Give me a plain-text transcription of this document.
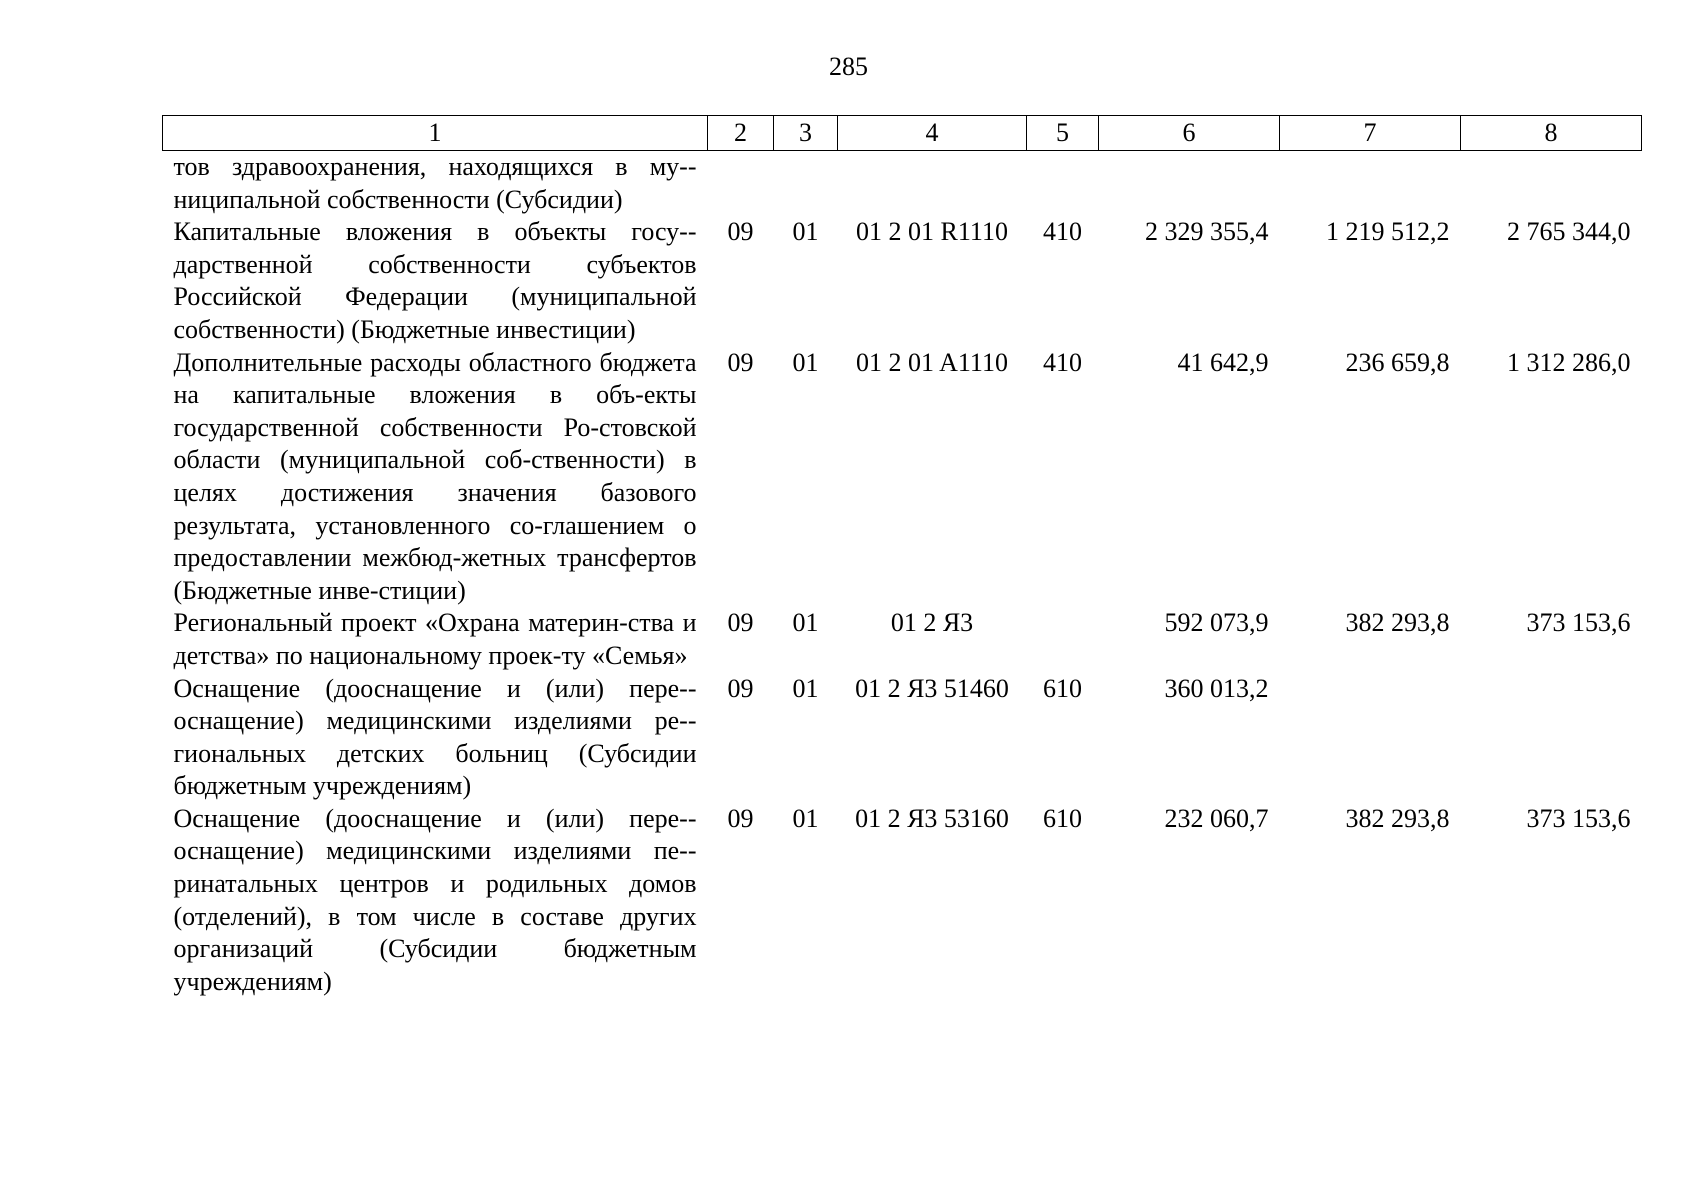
285
1	2	3	4	5	6	7	8
тов здравоохранения, находящихся в му-ниципальной собственности (Субсидии)							
Капитальные вложения в объекты госу-дарственной собственности субъектов Российской Федерации (муниципальной собственности) (Бюджетные инвестиции)	09	01	01 2 01 R1110	410	2 329 355,4	1 219 512,2	2 765 344,0
Дополнительные расходы областного бюджета на капитальные вложения в объ-екты государственной собственности Ро-стовской области (муниципальной соб-ственности) в целях достижения значения базового результата, установленного со-глашением о предоставлении межбюд-жетных трансфертов (Бюджетные инве-стиции)	09	01	01 2 01 A1110	410	41 642,9	236 659,8	1 312 286,0
Региональный проект «Охрана материн-ства и детства» по национальному проек-ту «Семья»	09	01	01 2 Я3		592 073,9	382 293,8	373 153,6
Оснащение (дооснащение и (или) пере-оснащение) медицинскими изделиями ре-гиональных детских больниц (Субсидии бюджетным учреждениям)	09	01	01 2 Я3 51460	610	360 013,2		
Оснащение (дооснащение и (или) пере-оснащение) медицинскими изделиями пе-ринатальных центров и родильных домов (отделений), в том числе в составе других организаций (Субсидии бюджетным учреждениям)	09	01	01 2 Я3 53160	610	232 060,7	382 293,8	373 153,6
